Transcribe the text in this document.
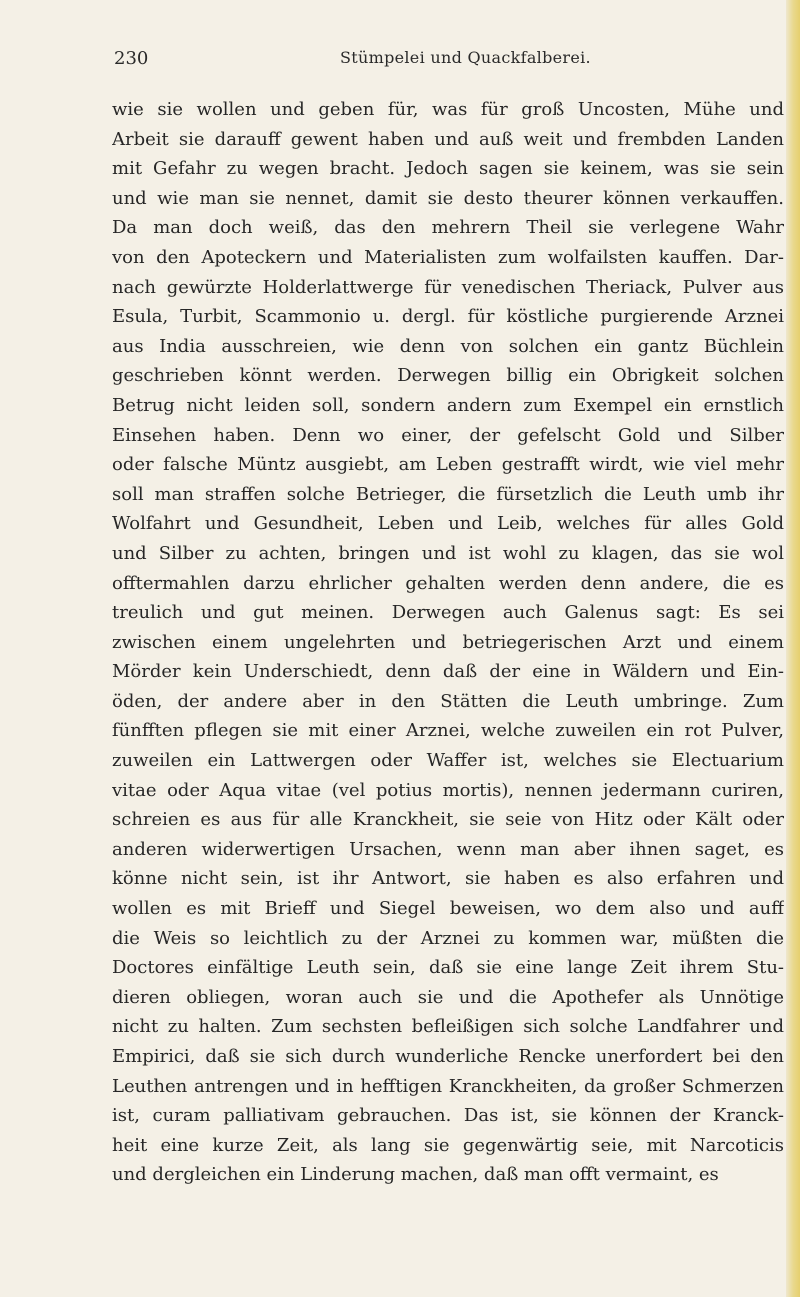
230	Stümpelei und Quackfalberei.
wie sie wollen und geben für, was für groß Uncosten, Mühe und
Arbeit sie darauff gewent haben und auß weit und frembden Landen
mit Gefahr zu wegen bracht. Jedoch sagen sie keinem, was sie sein
und wie man sie nennet, damit sie desto theurer können verkauffen.
Da man doch weiß, das den mehrern Theil sie verlegene Wahr
von den Apoteckern und Materialisten zum wolfailsten kauffen. Dar-
nach gewürzte Holderlattwerge für venedischen Theriack, Pulver aus
Esula, Turbit, Scammonio u. dergl. für köstliche purgierende Arznei
aus India ausschreien, wie denn von solchen ein gantz Büchlein
geschrieben könnt werden. Derwegen billig ein Obrigkeit solchen
Betrug nicht leiden soll, sondern andern zum Exempel ein ernstlich
Einsehen haben. Denn wo einer, der gefelscht Gold und Silber
oder falsche Müntz ausgiebt, am Leben gestrafft wirdt, wie viel mehr
soll man straffen solche Betrieger, die fürsetzlich die Leuth umb ihr
Wolfahrt und Gesundheit, Leben und Leib, welches für alles Gold
und Silber zu achten, bringen und ist wohl zu klagen, das sie wol
offtermahlen darzu ehrlicher gehalten werden denn andere, die es
treulich und gut meinen. Derwegen auch Galenus sagt: Es sei
zwischen einem ungelehrten und betriegerischen Arzt und einem
Mörder kein Underschiedt, denn daß der eine in Wäldern und Ein-
öden, der andere aber in den Stätten die Leuth umbringe. Zum
fünfften pflegen sie mit einer Arznei, welche zuweilen ein rot Pulver,
zuweilen ein Lattwergen oder Waffer ist, welches sie Electuarium
vitae oder Aqua vitae (vel potius mortis), nennen jedermann curiren,
schreien es aus für alle Kranckheit, sie seie von Hitz oder Kält oder
anderen widerwertigen Ursachen, wenn man aber ihnen saget, es
könne nicht sein, ist ihr Antwort, sie haben es also erfahren und
wollen es mit Brieff und Siegel beweisen, wo dem also und auff
die Weis so leichtlich zu der Arznei zu kommen war, müßten die
Doctores einfältige Leuth sein, daß sie eine lange Zeit ihrem Stu-
dieren obliegen, woran auch sie und die Apothefer als Unnötige
nicht zu halten. Zum sechsten befleißigen sich solche Landfahrer und
Empirici, daß sie sich durch wunderliche Rencke unerfordert bei den
Leuthen antrengen und in hefftigen Kranckheiten, da großer Schmerzen
ist, curam palliativam gebrauchen. Das ist, sie können der Kranck-
heit eine kurze Zeit, als lang sie gegenwärtig seie, mit Narcoticis
und dergleichen ein Linderung machen, daß man offt vermaint, es
